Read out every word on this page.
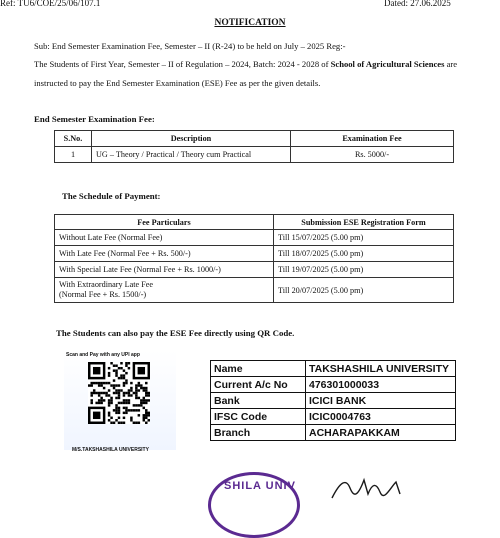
Ref: TU6/COE/25/06/107.1	Dated: 27.06.2025
NOTIFICATION
Sub: End Semester Examination Fee, Semester – II (R-24) to be held on July – 2025 Reg:-
The Students of First Year, Semester – II of Regulation – 2024, Batch: 2024 - 2028 of School of Agricultural Sciences are instructed to pay the End Semester Examination (ESE) Fee as per the given details.
End Semester Examination Fee:
S.No.	Description	Examination Fee
1	UG – Theory / Practical / Theory cum Practical	Rs. 5000/-
The Schedule of Payment:
Fee Particulars	Submission ESE Registration Form
Without Late Fee (Normal Fee)	Till 15/07/2025 (5.00 pm)
With Late Fee (Normal Fee + Rs. 500/-)	Till 18/07/2025 (5.00 pm)
With Special Late Fee (Normal Fee + Rs. 1000/-)	Till 19/07/2025 (5.00 pm)
With Extraordinary Late Fee
(Normal Fee + Rs. 1500/-)	Till 20/07/2025 (5.00 pm)
The Students can also pay the ESE Fee directly using QR Code.
Scan and Pay with any UPI app
M/S.TAKSHASHILA UNIVERSITY
Name	TAKSHASHILA UNIVERSITY
Current A/c No	476301000033
Bank	ICICI BANK
IFSC Code	ICIC0004763
Branch	ACHARAPAKKAM
SHILA UNIV
